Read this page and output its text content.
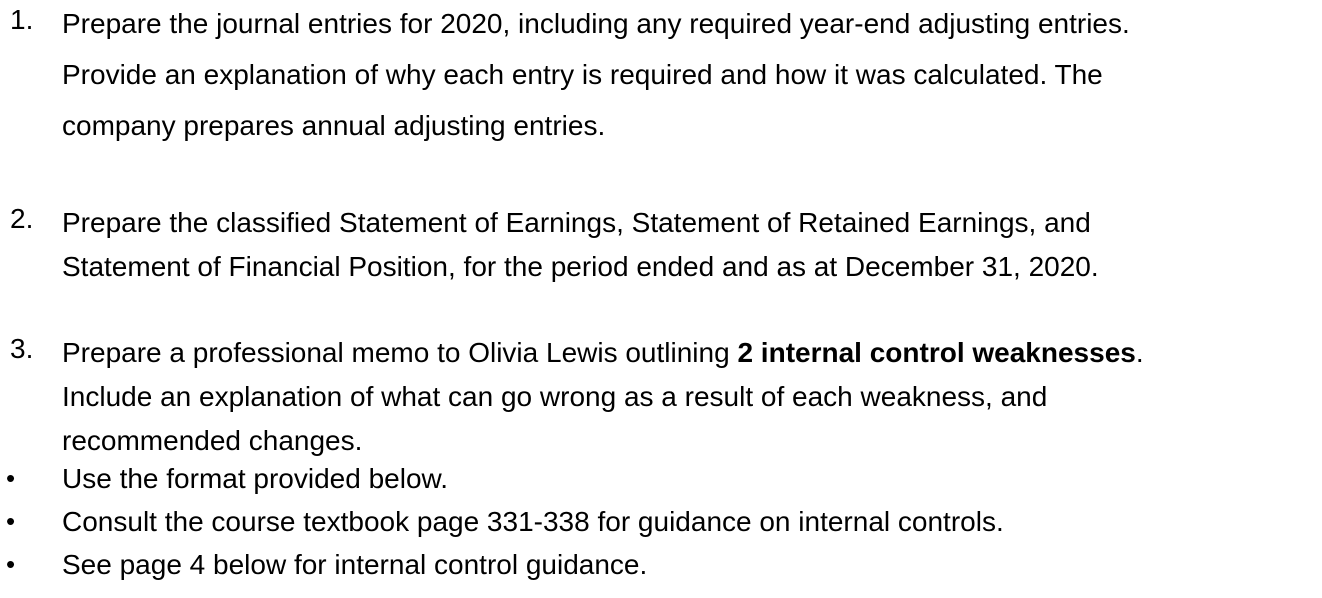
1. Prepare the journal entries for 2020, including any required year-end adjusting entries.
Provide an explanation of why each entry is required and how it was calculated. The
company prepares annual adjusting entries.
2. Prepare the classified Statement of Earnings, Statement of Retained Earnings, and
Statement of Financial Position, for the period ended and as at December 31, 2020.
3. Prepare a professional memo to Olivia Lewis outlining 2 internal control weaknesses.
Include an explanation of what can go wrong as a result of each weakness, and
recommended changes.
• Use the format provided below.
• Consult the course textbook page 331-338 for guidance on internal controls.
• See page 4 below for internal control guidance.
